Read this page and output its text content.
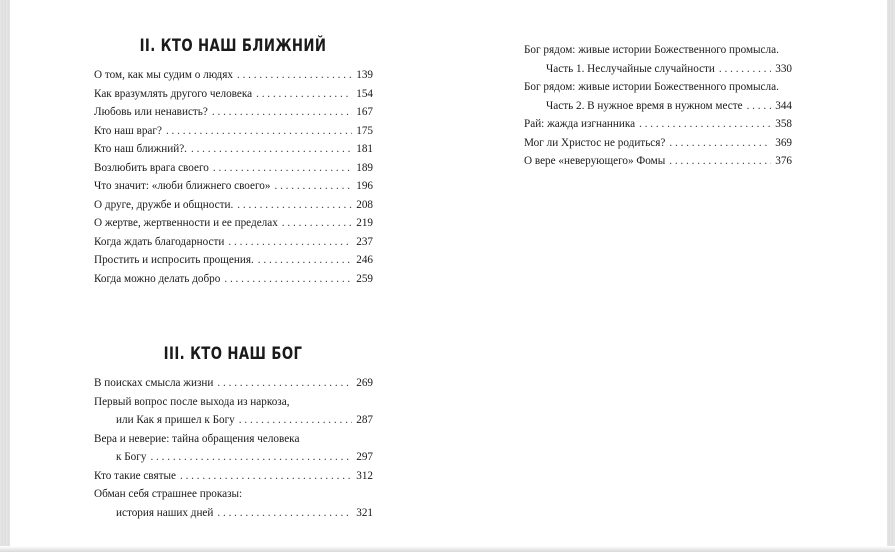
II. КТО НАШ БЛИЖНИЙ
О том, как мы судим о людях . . .	139
Как вразумлять другого человека . . .	154
Любовь или ненависть? . . .	167
Кто наш враг? . . .	175
Кто наш ближний?. . . .	181
Возлюбить врага своего . . .	189
Что значит: «люби ближнего своего» . . .	196
О друге, дружбе и общности. . . .	208
О жертве, жертвенности и ее пределах . . .	219
Когда ждать благодарности . . .	237
Простить и испросить прощения. . . .	246
Когда можно делать добро . . .	259
III. КТО НАШ БОГ
В поисках смысла жизни . . .	269
Первый вопрос после выхода из наркоза,
или Как я пришел к Богу . . .	287
Вера и неверие: тайна обращения человека
к Богу . . .	297
Кто такие святые . . .	312
Обман себя страшнее проказы:
история наших дней . . .	321
Бог рядом: живые истории Божественного промысла.
Часть 1. Неслучайные случайности . . .	330
Бог рядом: живые истории Божественного промысла.
Часть 2. В нужное время в нужном месте . . .	344
Рай: жажда изгнанника . . .	358
Мог ли Христос не родиться? . . .	369
О вере «неверующего» Фомы . . .	376
